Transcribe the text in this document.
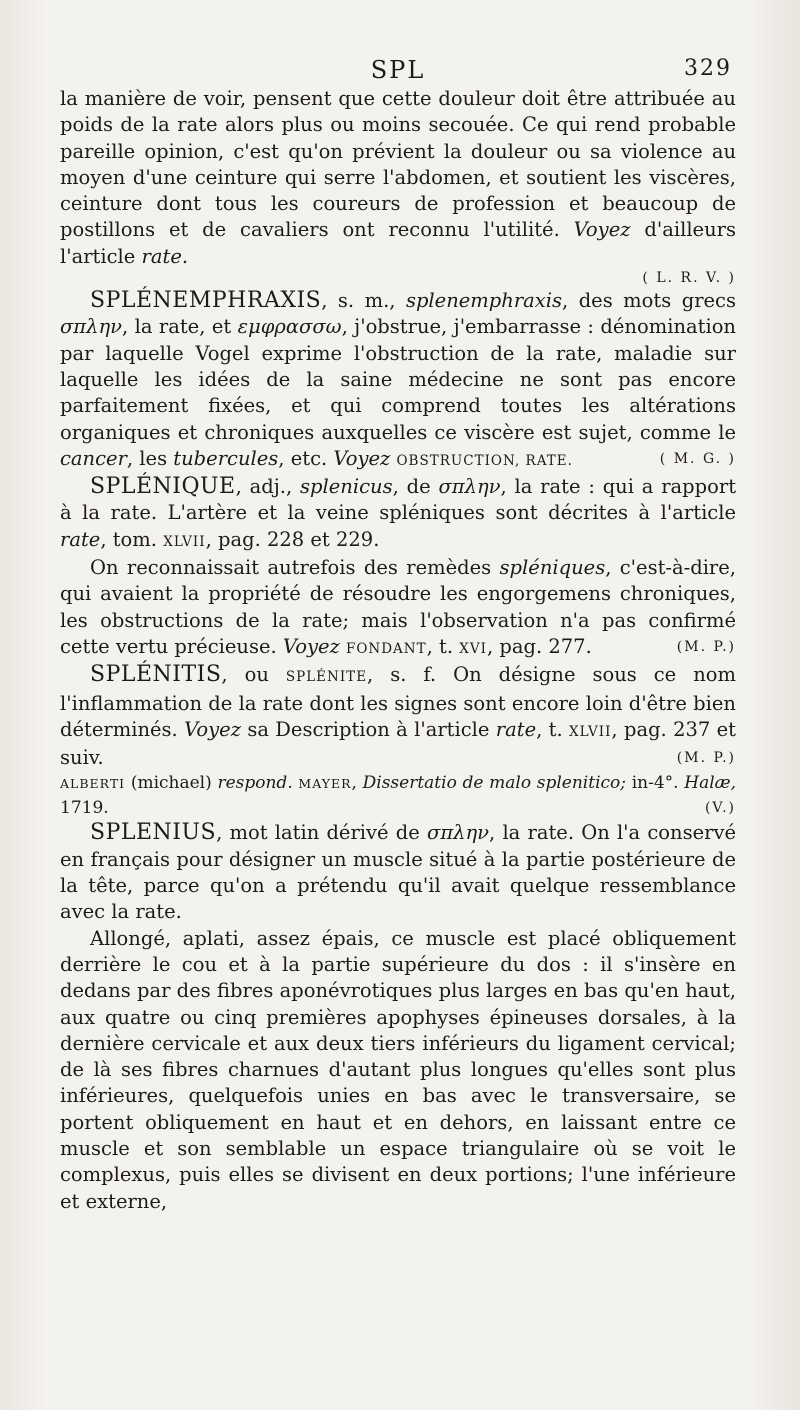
SPL	329

la manière de voir, pensent que cette douleur doit être attribuée au poids de la rate alors plus ou moins secouée. Ce qui rend probable pareille opinion, c'est qu'on prévient la douleur ou sa violence au moyen d'une ceinture qui serre l'abdomen, et soutient les viscères, ceinture dont tous les coureurs de profession et beaucoup de postillons et de cavaliers ont reconnu l'utilité. Voyez d'ailleurs l'article rate.

( L. R. V. )

SPLÉNEMPHRAXIS, s. m., splenemphraxis, des mots grecs σπλην, la rate, et εμφρασσω, j'obstrue, j'embarrasse : dénomination par laquelle Vogel exprime l'obstruction de la rate, maladie sur laquelle les idées de la saine médecine ne sont pas encore parfaitement fixées, et qui comprend toutes les altérations organiques et chroniques auxquelles ce viscère est sujet, comme le cancer, les tubercules, etc. Voyez OBSTRUCTION, RATE.	( M. G. )

SPLÉNIQUE, adj., splenicus, de σπλην, la rate : qui a rapport à la rate. L'artère et la veine spléniques sont décrites à l'article rate, tom. XLVII, pag. 228 et 229.

On reconnaissait autrefois des remèdes spléniques, c'est-à-dire, qui avaient la propriété de résoudre les engorgemens chroniques, les obstructions de la rate; mais l'observation n'a pas confirmé cette vertu précieuse. Voyez FONDANT, t. XVI, pag. 277.	(M. P.)

SPLÉNITIS, ou SPLÉNITE, s. f. On désigne sous ce nom l'inflammation de la rate dont les signes sont encore loin d'être bien déterminés. Voyez sa Description à l'article rate, t. XLVII, pag. 237 et suiv.	(M. P.)

ALBERTI (michael) respond. MAYER, Dissertatio de malo splenitico; in-4°. Halæ, 1719.	(V.)

SPLENIUS, mot latin dérivé de σπλην, la rate. On l'a conservé en français pour désigner un muscle situé à la partie postérieure de la tête, parce qu'on a prétendu qu'il avait quelque ressemblance avec la rate.

Allongé, aplati, assez épais, ce muscle est placé obliquement derrière le cou et à la partie supérieure du dos : il s'insère en dedans par des fibres aponévrotiques plus larges en bas qu'en haut, aux quatre ou cinq premières apophyses épineuses dorsales, à la dernière cervicale et aux deux tiers inférieurs du ligament cervical; de là ses fibres charnues d'autant plus longues qu'elles sont plus inférieures, quelquefois unies en bas avec le transversaire, se portent obliquement en haut et en dehors, en laissant entre ce muscle et son semblable un espace triangulaire où se voit le complexus, puis elles se divisent en deux portions; l'une inférieure et externe,
